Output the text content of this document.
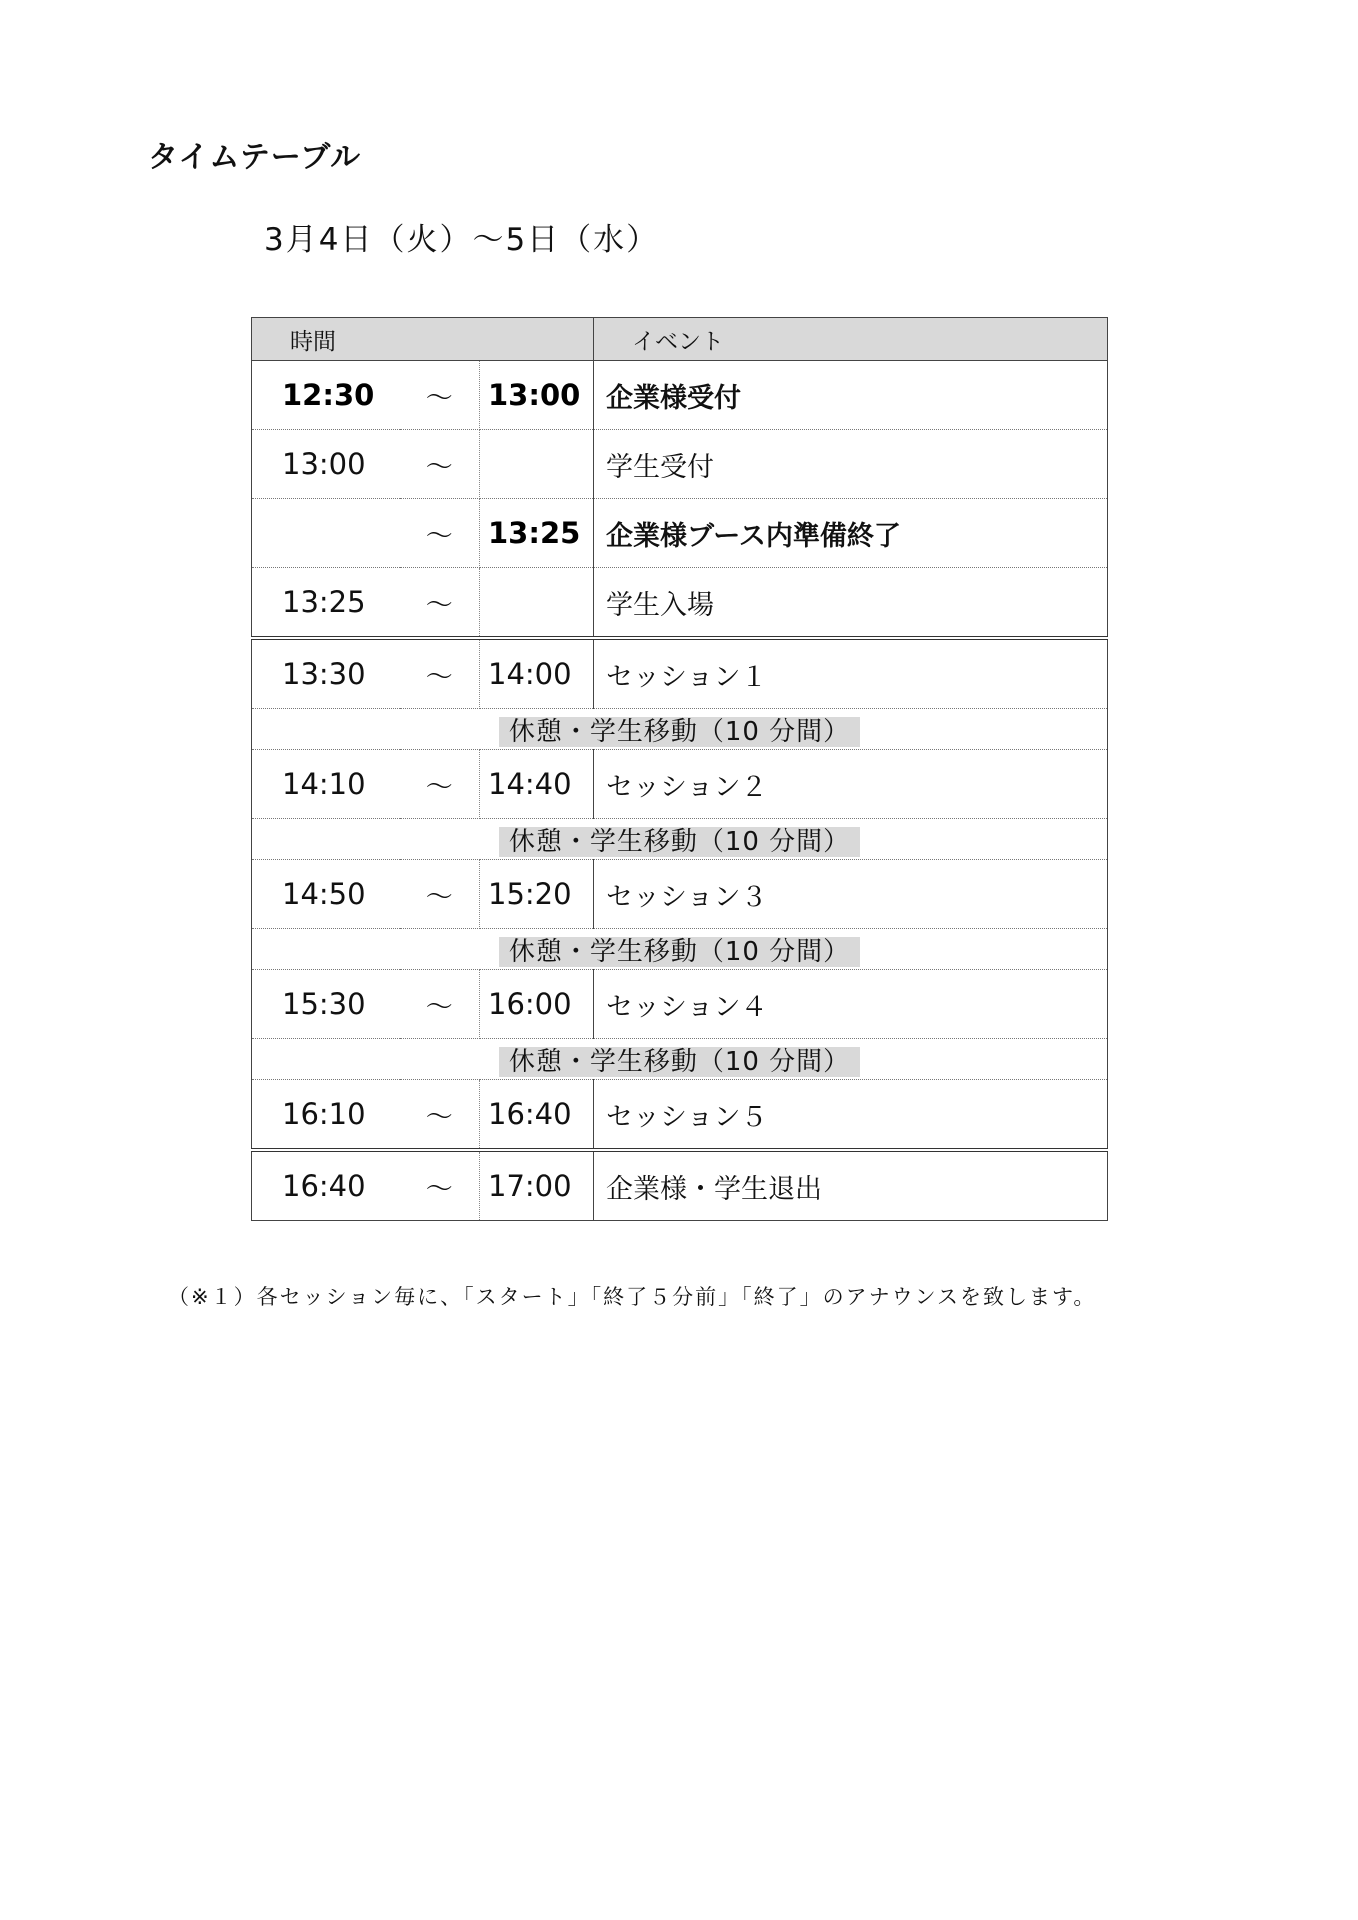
タイムテーブル
3月4日（火）～5日（水）
時間			イベント
12:30	～	13:00	企業様受付
13:00	～		学生受付
	～	13:25	企業様ブース内準備終了
13:25	～		学生入場
13:30	～	14:00	セッション１
休憩・学生移動（10 分間）			
14:10	～	14:40	セッション２
休憩・学生移動（10 分間）			
14:50	～	15:20	セッション３
休憩・学生移動（10 分間）			
15:30	～	16:00	セッション４
休憩・学生移動（10 分間）			
16:10	～	16:40	セッション５
16:40	～	17:00	企業様・学生退出
（※１）各セッション毎に、「スタート」「終了５分前」「終了」のアナウンスを致します。
